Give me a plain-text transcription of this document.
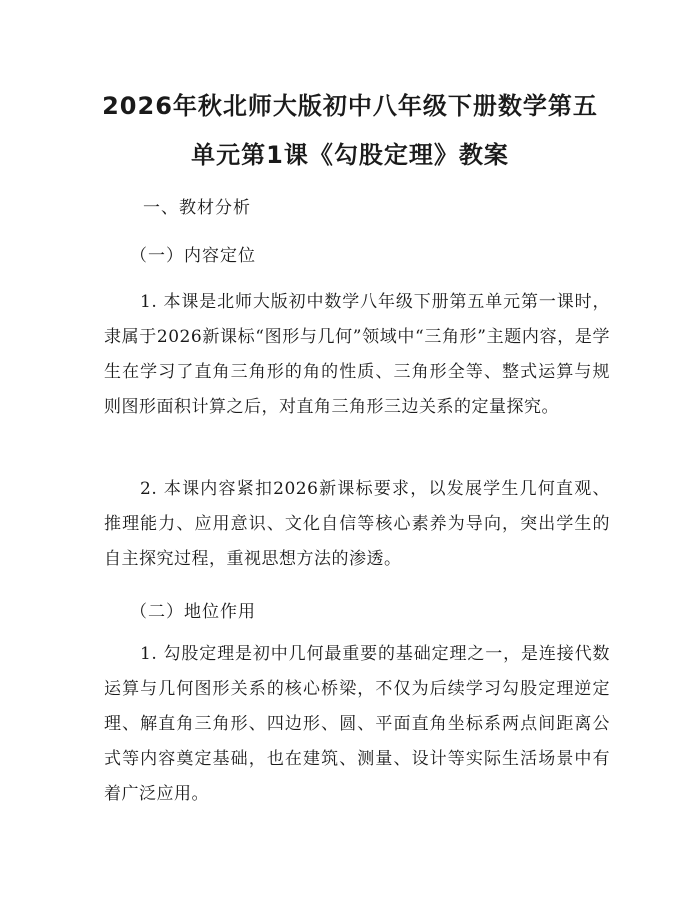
2026年秋北师大版初中八年级下册数学第五
单元第1课《勾股定理》教案
一、教材分析
（一）内容定位

1. 本课是北师大版初中数学八年级下册第五单元第一课时，隶属于2026新课标“图形与几何”领域中“三角形”主题内容，是学生在学习了直角三角形的角的性质、三角形全等、整式运算与规则图形面积计算之后，对直角三角形三边关系的定量探究。

2. 本课内容紧扣2026新课标要求，以发展学生几何直观、推理能力、应用意识、文化自信等核心素养为导向，突出学生的自主探究过程，重视思想方法的渗透。

（二）地位作用

1. 勾股定理是初中几何最重要的基础定理之一，是连接代数运算与几何图形关系的核心桥梁，不仅为后续学习勾股定理逆定理、解直角三角形、四边形、圆、平面直角坐标系两点间距离公式等内容奠定基础，也在建筑、测量、设计等实际生活场景中有着广泛应用。
